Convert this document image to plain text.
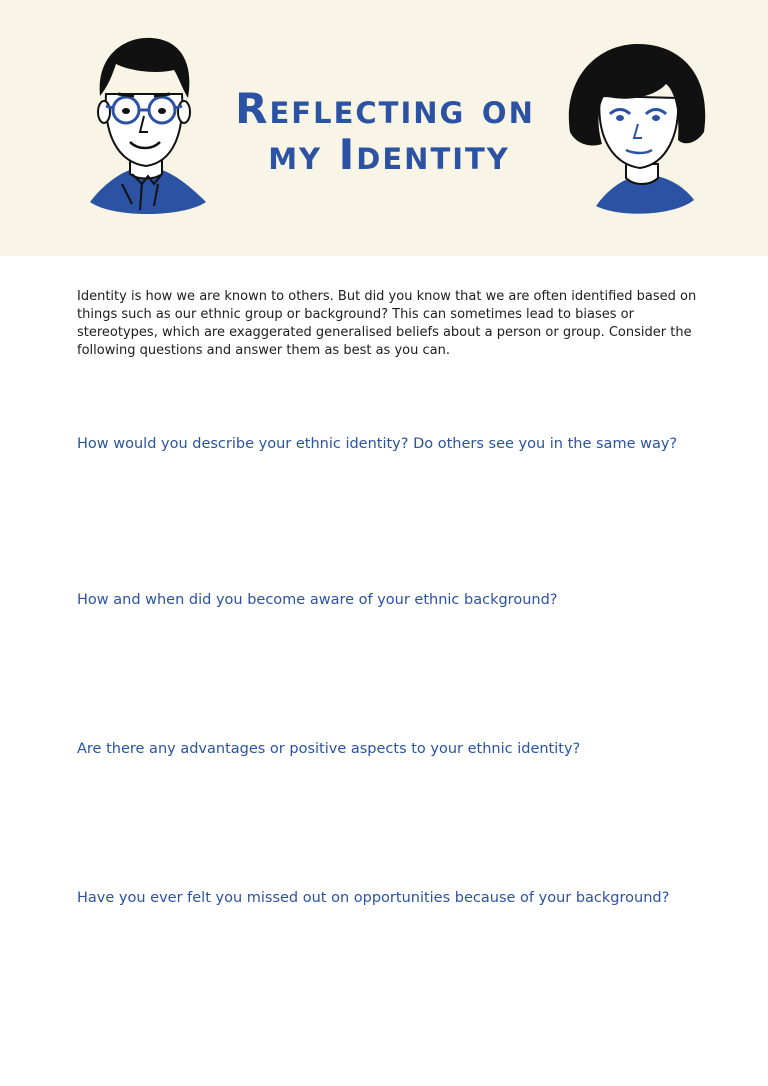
Reflecting on
my Identity

Identity is how we are known to others. But did you know that we are often identified based on things such as our ethnic group or background? This can sometimes lead to biases or stereotypes, which are exaggerated generalised beliefs about a person or group. Consider the following questions and answer them as best as you can.

How would you describe your ethnic identity? Do others see you in the same way?

How and when did you become aware of your ethnic background?

Are there any advantages or positive aspects to your ethnic identity?

Have you ever felt you missed out on opportunities because of your background?
